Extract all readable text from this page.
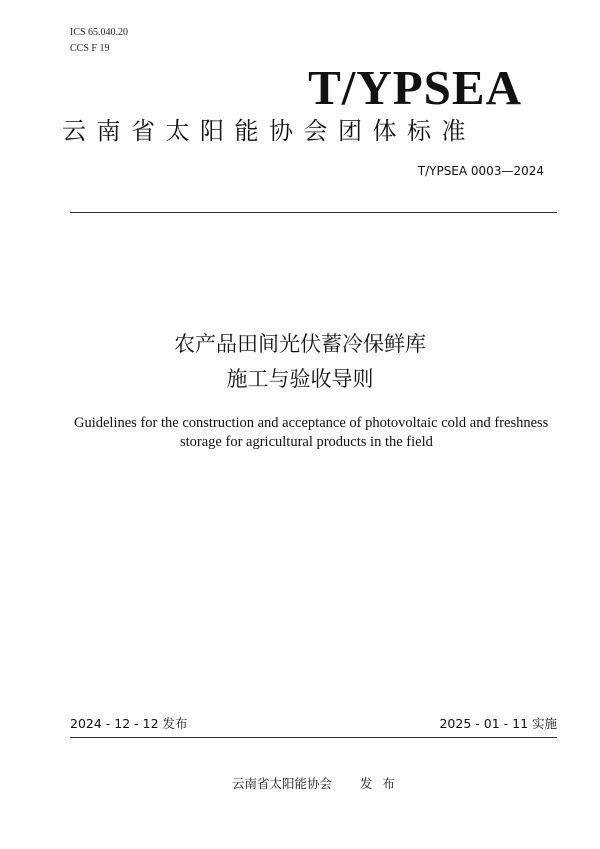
ICS 65.040.20
CCS F 19
T/YPSEA
云南省太阳能协会团体标准
T/YPSEA 0003—2024
农产品田间光伏蓄冷保鲜库
施工与验收导则
Guidelines for the construction and acceptance of photovoltaic cold and freshness
storage for agricultural products in the field
2024 - 12 - 12 发布	2025 - 01 - 11 实施
云南省太阳能协会 发布
